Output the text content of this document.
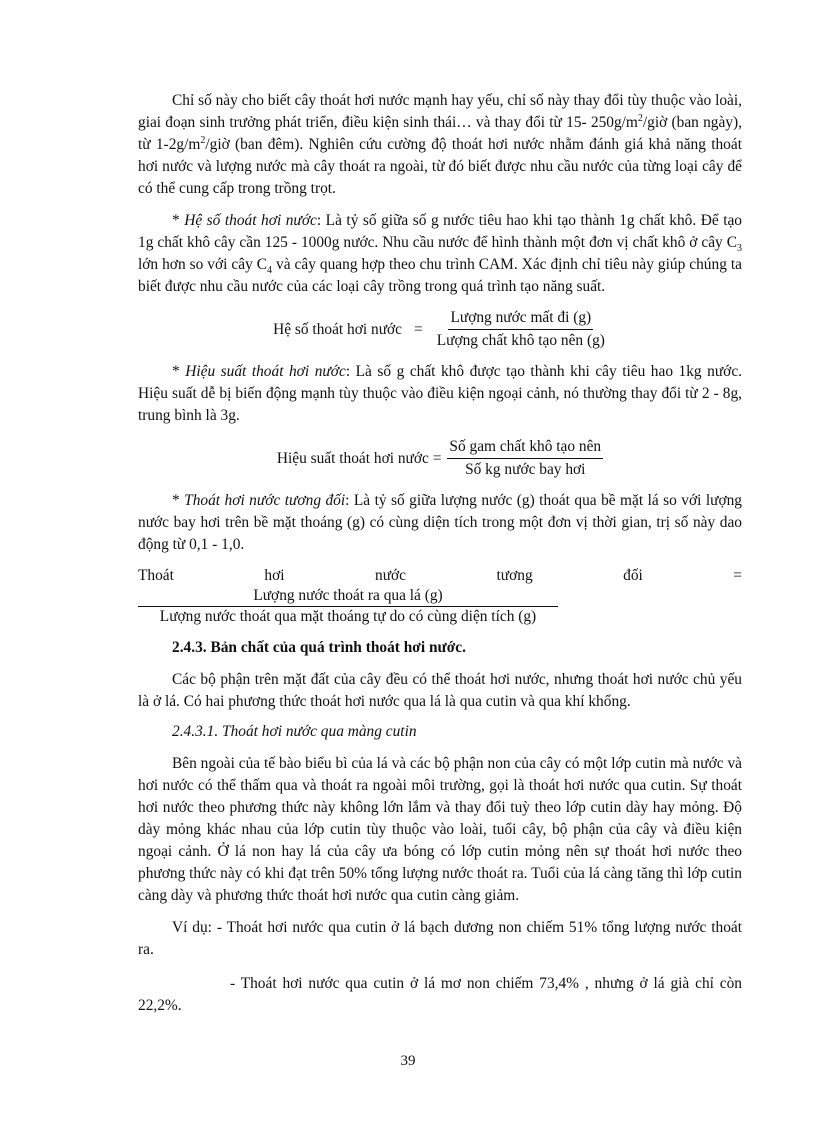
Chỉ số này cho biết cây thoát hơi nước mạnh hay yếu, chỉ số này thay đổi tùy thuộc vào loài, giai đoạn sinh trưởng phát triển, điều kiện sinh thái… và thay đổi từ 15- $250g/m^2$/giờ (ban ngày), từ $1-2g/m^2$/giờ (ban đêm). Nghiên cứu cường độ thoát hơi nước nhằm đánh giá khả năng thoát hơi nước và lượng nước mà cây thoát ra ngoài, từ đó biết được nhu cầu nước của từng loại cây để có thể cung cấp trong trồng trọt.

* Hệ số thoát hơi nước: Là tỷ số giữa số g nước tiêu hao khi tạo thành 1g chất khô. Để tạo 1g chất khô cây cần 125 - 1000g nước. Nhu cầu nước để hình thành một đơn vị chất khô ở cây $C_3$ lớn hơn so với cây $C_4$ và cây quang hợp theo chu trình CAM. Xác định chỉ tiêu này giúp chúng ta biết được nhu cầu nước của các loại cây trồng trong quá trình tạo năng suất.

Hệ số thoát hơi nước = $\frac{\text{Lượng nước mất đi (g)}}{\text{Lượng chất khô tạo nên (g)}}$

* Hiệu suất thoát hơi nước: Là số g chất khô được tạo thành khi cây tiêu hao 1kg nước. Hiệu suất dễ bị biến động mạnh tùy thuộc vào điều kiện ngoại cảnh, nó thường thay đổi từ 2 - 8g, trung bình là 3g.

Hiệu suất thoát hơi nước = $\frac{\text{Số gam chất khô tạo nên}}{\text{Số kg nước bay hơi}}$

* Thoát hơi nước tương đối: Là tỷ số giữa lượng nước (g) thoát qua bề mặt lá so với lượng nước bay hơi trên bề mặt thoáng (g) có cùng diện tích trong một đơn vị thời gian, trị số này dao động từ 0,1 - 1,0.

Thoát	hơi	nước	tương	đối	=
Lượng nước thoát ra qua lá (g)
Lượng nước thoát qua mặt thoáng tự do có cùng diện tích (g)
2.4.3. Bản chất của quá trình thoát hơi nước.

Các bộ phận trên mặt đất của cây đều có thể thoát hơi nước, nhưng thoát hơi nước chủ yếu là ở lá. Có hai phương thức thoát hơi nước qua lá là qua cutin và qua khí khổng.

2.4.3.1. Thoát hơi nước qua màng cutin

Bên ngoài của tế bào biểu bì của lá và các bộ phận non của cây có một lớp cutin mà nước và hơi nước có thể thấm qua và thoát ra ngoài môi trường, gọi là thoát hơi nước qua cutin. Sự thoát hơi nước theo phương thức này không lớn lắm và thay đổi tuỳ theo lớp cutin dày hay mỏng. Độ dày mỏng khác nhau của lớp cutin tùy thuộc vào loài, tuổi cây, bộ phận của cây và điều kiện ngoại cảnh. Ở lá non hay lá của cây ưa bóng có lớp cutin mỏng nên sự thoát hơi nước theo phương thức này có khi đạt trên 50% tổng lượng nước thoát ra. Tuổi của lá càng tăng thì lớp cutin càng dày và phương thức thoát hơi nước qua cutin càng giảm.

Ví dụ: - Thoát hơi nước qua cutin ở lá bạch dương non chiếm 51% tổng lượng nước thoát ra.

- Thoát hơi nước qua cutin ở lá mơ non chiếm 73,4% , nhưng ở lá già chỉ còn 22,2%.

39
